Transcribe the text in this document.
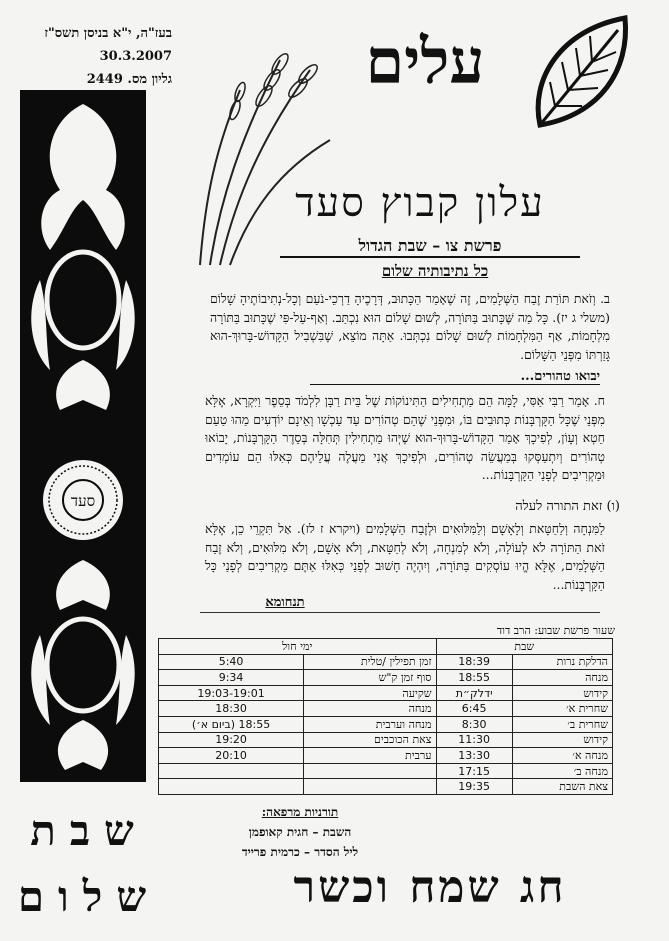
בעז"ה, י"א בניסן תשס"ז
30.3.2007
גליון מס. 2449	עלים
עלון קבוץ סעד
פרשת צו – שבת הגדול
כל נתיבותיה שלום
ב. וְזֹאת תּוֹרַת זֶבַח הַשְּׁלָמִים, זֶה שֶׁאָמַר הַכָּתוּב, דְּרָכֶיהָ דַרְכֵי-נֹעַם וְכָל-נְתִיבוֹתֶיהָ שָׁלוֹם (משלי ג יז). כָּל מַה שֶּׁכָּתוּב בַּתּוֹרָה, לְשׁוּם שָׁלוֹם הוּא נִכְתַּב. וְאַף-עַל-פִּי שֶׁכָּתוּב בַּתּוֹרָה מִלְחָמוֹת, אַף הַמִּלְחָמוֹת לְשׁוּם שָׁלוֹם נִכְתְּבוּ. אַתָּה מוֹצֵא, שֶׁבִּשְׁבִיל הַקָּדוֹשׁ-בָּרוּךְ-הוּא גָּזַרְתּוֹ מִפְּנֵי הַשָּׁלוֹם.
יבואו טהורים...
ח. אָמַר רַבִּי אַסִּי, לָמָּה הֵם מַתְחִילִים הַתִּינוֹקוֹת שֶׁל בֵּית רַבָּן לִלְמֹד בְּסֵפֶר וַיִּקְרָא, אֶלָּא מִפְּנֵי שֶׁכָּל הַקָּרְבָּנוֹת כְּתוּבִים בּוֹ, וּמִפְּנֵי שֶׁהֵם טְהוֹרִים עַד עַכְשָׁו וְאֵינָם יוֹדְעִים מַהוּ טַעַם חֵטְא וְעָוֹן, לְפִיכָךְ אָמַר הַקָּדוֹשׁ-בָּרוּךְ-הוּא שֶׁיְּהוּ מַתְחִילִין תְּחִלָּה בְּסֵדֶר הַקָּרְבָּנוֹת, יָבוֹאוּ טְהוֹרִים וְיִתְעַסְּקוּ בְּמַעֲשֵׂה טְהוֹרִים, וּלְפִיכָךְ אֲנִי מַעֲלֶה עֲלֵיהֶם כְּאִלּוּ הֵם עוֹמְדִים וּמַקְרִיבִים לְפָנַי הַקָּרְבָּנוֹת...
(ו) זאת התורה לעלה
לַמִּנְחָה וְלַחַטָּאת וְלָאָשָׁם וְלַמִּלּוּאִים וּלְזֶבַח הַשְּׁלָמִים (ויקרא ז לז). אַל תִּקְרֵי כֵן, אֶלָּא זֹאת הַתּוֹרָה לֹא לְעוֹלָה, וְלֹא לְמִנְחָה, וְלֹא לְחַטָּאת, וְלֹא אָשָׁם, וְלֹא מִלּוּאִים, וְלֹא זֶבַח הַשְּׁלָמִים, אֶלָּא הֱיוּ עוֹסְקִים בַּתּוֹרָה, וְיִהְיֶה חָשׁוּב לְפָנַי כְּאִלּוּ אַתֶּם מַקְרִיבִים לְפָנַי כָּל הַקָּרְבָּנוֹת...
תנחומא
שעור פרשת שבוע: הרב דוד
שבת		ימי חול	
הדלקת נרות	18:39	זמן תפילין /טלית	5:40
מנחה	18:55	סוף זמן ק"ש	9:34
קידוש	ידלק״ת	שקיעה	19:03-19:01
שחרית א׳	6:45	מנחה	18:30
שחרית ב׳	8:30	מנחה וערבית	18:55 (ביום א׳)
קידוש	11:30	צאת הכוכבים	19:20
מנחה א׳	13:30	ערבית	20:10
מנחה ב׳	17:15		
צאת השבת	19:35		
תורניות מרפאה:
השבת – חגית קאופמן
ליל הסדר – כרמית פרייד
חג שמח וכשר
שבת
שלום
סעד
